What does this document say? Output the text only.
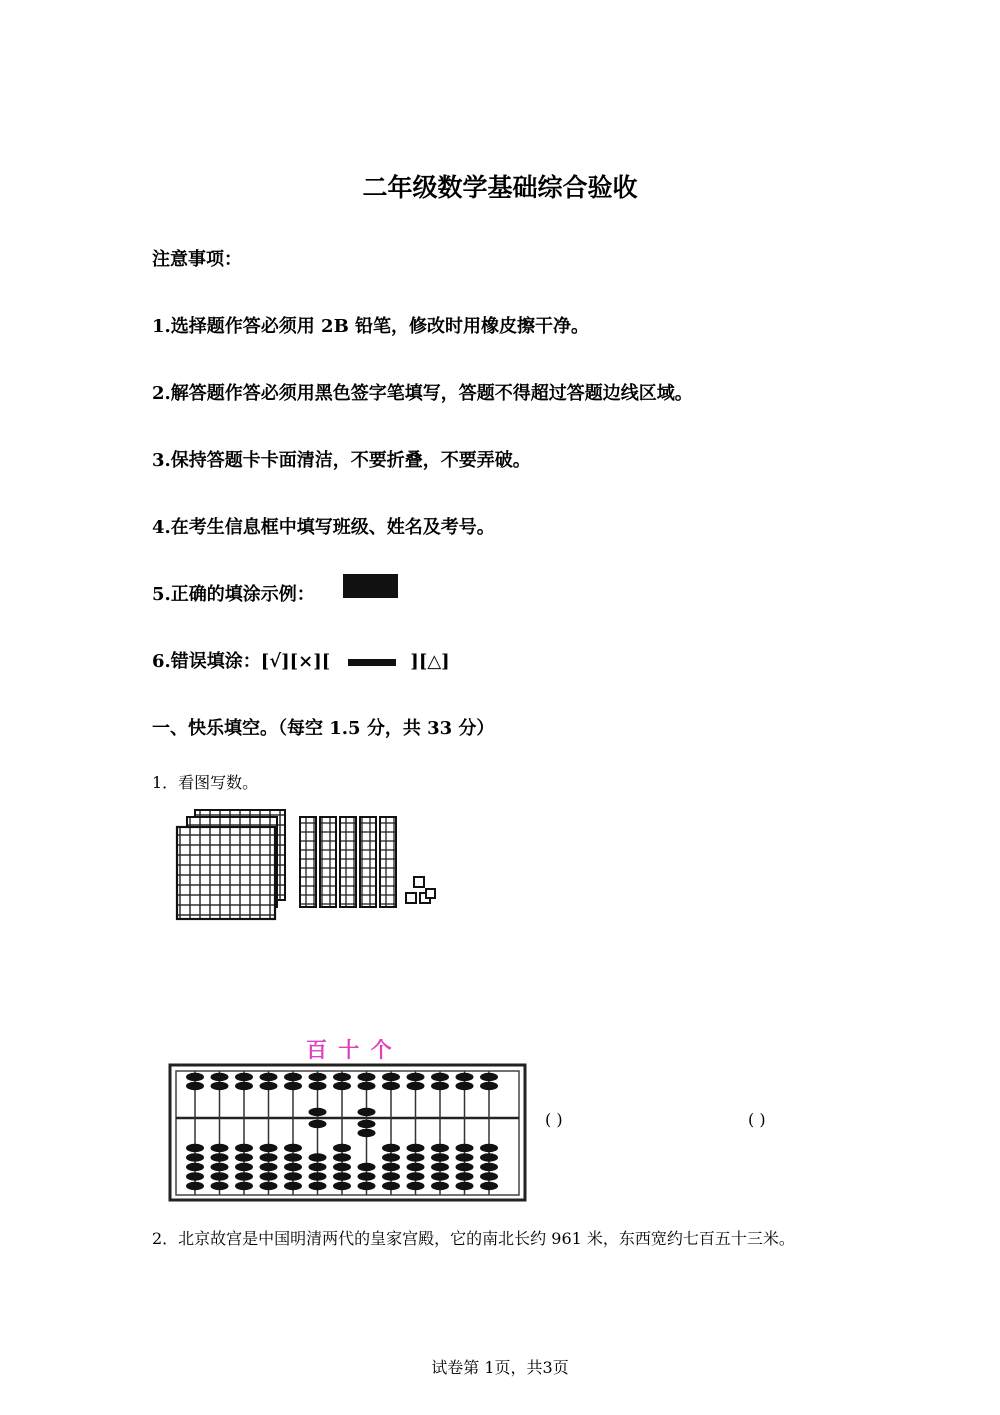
二年级数学基础综合验收
注意事项：
1.选择题作答必须用 2B 铅笔，修改时用橡皮擦干净。
2.解答题作答必须用黑色签字笔填写，答题不得超过答题边线区域。
3.保持答题卡卡面清洁，不要折叠，不要弄破。
4.在考生信息框中填写班级、姓名及考号。
5.正确的填涂示例：
6.错误填涂：[√][×][	][△]
一、快乐填空。（每空 1.5 分，共 33 分）
1．看图写数。
百 十 个
( )	( )
2．北京故宫是中国明清两代的皇家宫殿，它的南北长约 961 米，东西宽约七百五十三米。
试卷第 1页，共3页
